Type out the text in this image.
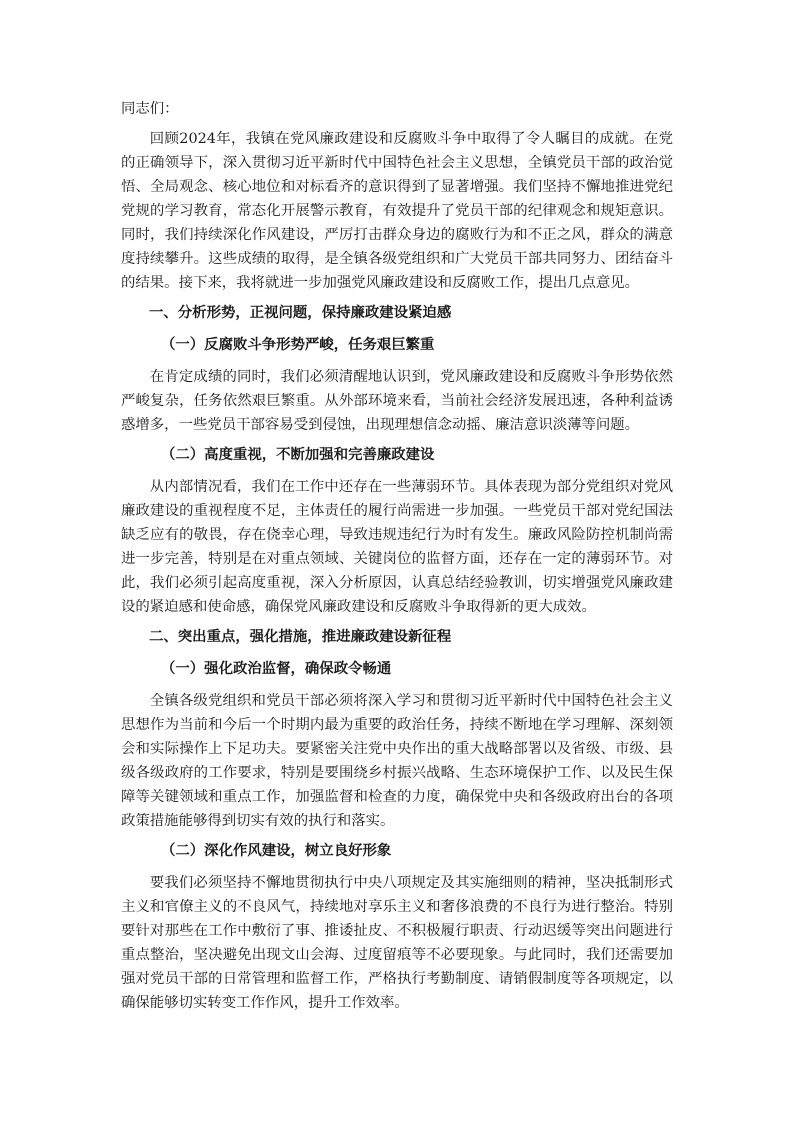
同志们：

回顾2024年，我镇在党风廉政建设和反腐败斗争中取得了令人瞩目的成就。在党的正确领导下，深入贯彻习近平新时代中国特色社会主义思想，全镇党员干部的政治觉悟、全局观念、核心地位和对标看齐的意识得到了显著增强。我们坚持不懈地推进党纪党规的学习教育，常态化开展警示教育，有效提升了党员干部的纪律观念和规矩意识。同时，我们持续深化作风建设，严厉打击群众身边的腐败行为和不正之风，群众的满意度持续攀升。这些成绩的取得，是全镇各级党组织和广大党员干部共同努力、团结奋斗的结果。接下来，我将就进一步加强党风廉政建设和反腐败工作，提出几点意见。

一、分析形势，正视问题，保持廉政建设紧迫感
（一）反腐败斗争形势严峻，任务艰巨繁重

在肯定成绩的同时，我们必须清醒地认识到，党风廉政建设和反腐败斗争形势依然严峻复杂，任务依然艰巨繁重。从外部环境来看，当前社会经济发展迅速，各种利益诱惑增多，一些党员干部容易受到侵蚀，出现理想信念动摇、廉洁意识淡薄等问题。

（二）高度重视，不断加强和完善廉政建设

从内部情况看，我们在工作中还存在一些薄弱环节。具体表现为部分党组织对党风廉政建设的重视程度不足，主体责任的履行尚需进一步加强。一些党员干部对党纪国法缺乏应有的敬畏，存在侥幸心理，导致违规违纪行为时有发生。廉政风险防控机制尚需进一步完善，特别是在对重点领域、关键岗位的监督方面，还存在一定的薄弱环节。对此，我们必须引起高度重视，深入分析原因，认真总结经验教训，切实增强党风廉政建设的紧迫感和使命感，确保党风廉政建设和反腐败斗争取得新的更大成效。

二、突出重点，强化措施，推进廉政建设新征程
（一）强化政治监督，确保政令畅通

全镇各级党组织和党员干部必须将深入学习和贯彻习近平新时代中国特色社会主义思想作为当前和今后一个时期内最为重要的政治任务，持续不断地在学习理解、深刻领会和实际操作上下足功夫。要紧密关注党中央作出的重大战略部署以及省级、市级、县级各级政府的工作要求，特别是要围绕乡村振兴战略、生态环境保护工作、以及民生保障等关键领域和重点工作，加强监督和检查的力度，确保党中央和各级政府出台的各项政策措施能够得到切实有效的执行和落实。

（二）深化作风建设，树立良好形象

要我们必须坚持不懈地贯彻执行中央八项规定及其实施细则的精神，坚决抵制形式主义和官僚主义的不良风气，持续地对享乐主义和奢侈浪费的不良行为进行整治。特别要针对那些在工作中敷衍了事、推诿扯皮、不积极履行职责、行动迟缓等突出问题进行重点整治，坚决避免出现文山会海、过度留痕等不必要现象。与此同时，我们还需要加强对党员干部的日常管理和监督工作，严格执行考勤制度、请销假制度等各项规定，以确保能够切实转变工作作风，提升工作效率。
